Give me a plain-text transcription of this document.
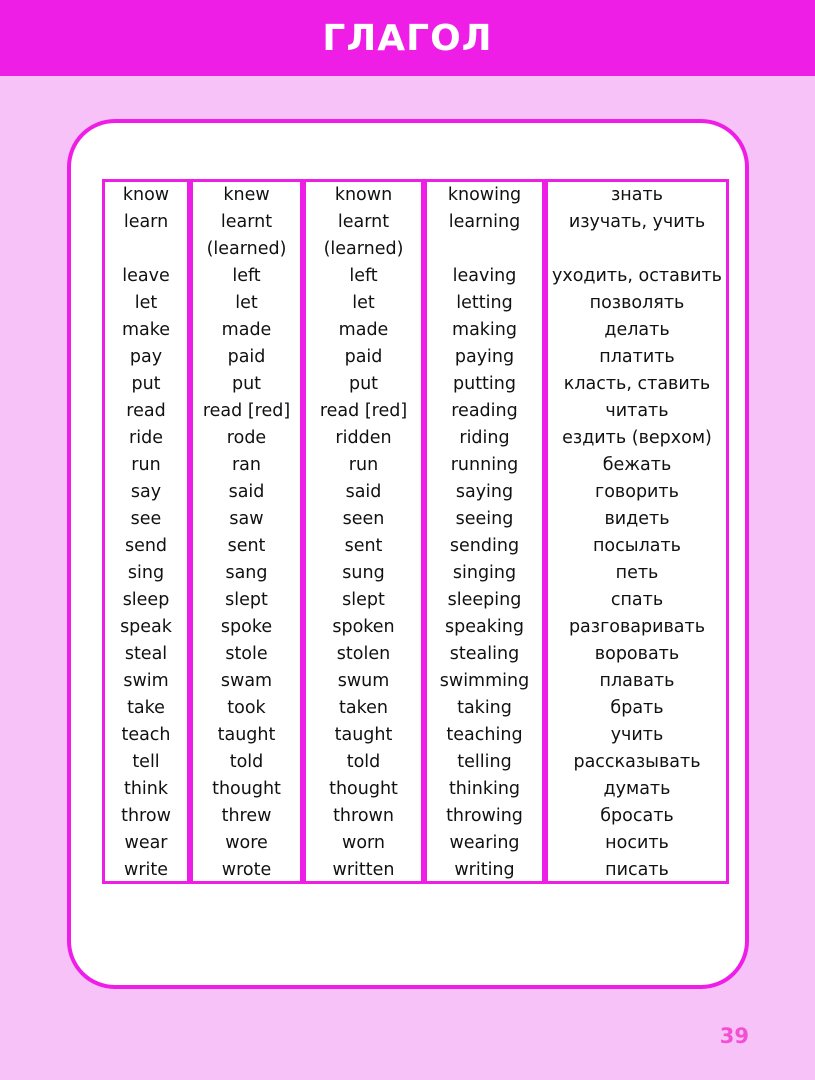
ГЛАГОЛ
know
learn
leave
let
make
pay
put
read
ride
run
say
see
send
sing
sleep
speak
steal
swim
take
teach
tell
think
throw
wear
write
knew
learnt
(learned)
left
let
made
paid
put
read [red]
rode
ran
said
saw
sent
sang
slept
spoke
stole
swam
took
taught
told
thought
threw
wore
wrote
known
learnt
(learned)
left
let
made
paid
put
read [red]
ridden
run
said
seen
sent
sung
slept
spoken
stolen
swum
taken
taught
told
thought
thrown
worn
written
knowing
learning
leaving
letting
making
paying
putting
reading
riding
running
saying
seeing
sending
singing
sleeping
speaking
stealing
swimming
taking
teaching
telling
thinking
throwing
wearing
writing
знать
изучать, учить
уходить, оставить
позволять
делать
платить
класть, ставить
читать
ездить (верхом)
бежать
говорить
видеть
посылать
петь
спать
разговаривать
воровать
плавать
брать
учить
рассказывать
думать
бросать
носить
писать
39
